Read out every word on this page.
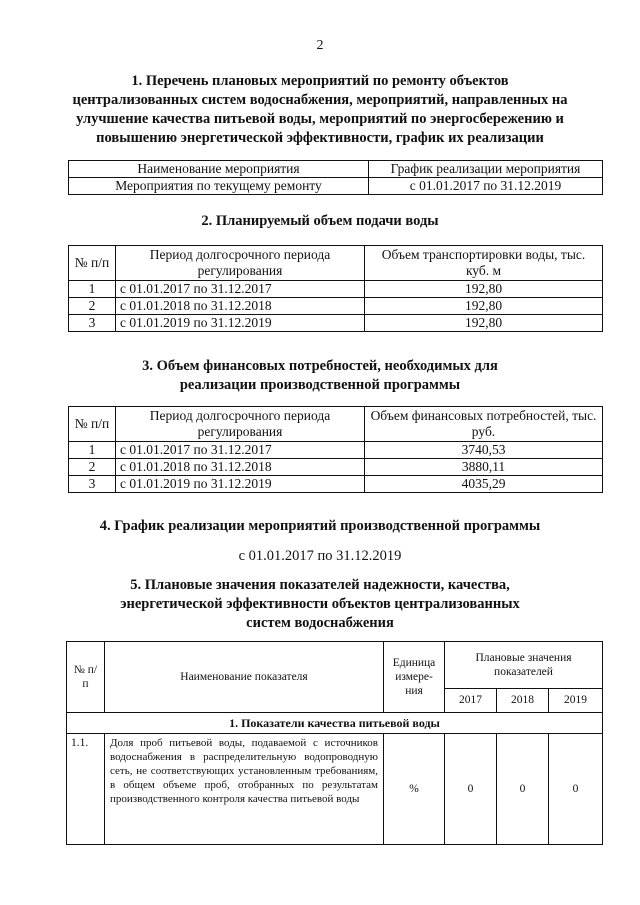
2
1. Перечень плановых мероприятий по ремонту объектов
централизованных систем водоснабжения, мероприятий, направленных на
улучшение качества питьевой воды, мероприятий по энергосбережению и
повышению энергетической эффективности, график их реализации
Наименование мероприятия	График реализации мероприятия
Мероприятия по текущему ремонту	с 01.01.2017 по 31.12.2019
2. Планируемый объем подачи воды
№ п/п	Период долгосрочного периода регулирования	Объем транспортировки воды, тыс. куб. м
1	с 01.01.2017 по 31.12.2017	192,80
2	с 01.01.2018 по 31.12.2018	192,80
3	с 01.01.2019 по 31.12.2019	192,80
3. Объем финансовых потребностей, необходимых для
реализации производственной программы
№ п/п	Период долгосрочного периода регулирования	Объем финансовых потребностей, тыс. руб.
1	с 01.01.2017 по 31.12.2017	3740,53
2	с 01.01.2018 по 31.12.2018	3880,11
3	с 01.01.2019 по 31.12.2019	4035,29
4. График реализации мероприятий производственной программы
с 01.01.2017 по 31.12.2019
5. Плановые значения показателей надежности, качества,
энергетической эффективности объектов централизованных
систем водоснабжения
№ п/п	Наименование показателя	Единица измере-ния	Плановые значения показателей		
			2017	2018	2019
1. Показатели качества питьевой воды					
1.1.	Доля проб питьевой воды, подаваемой с источников водоснабжения в распределительную водопроводную сеть, не соответствующих установленным требованиям, в общем объеме проб, отобранных по результатам производственного контроля качества питьевой воды	%	0	0	0
